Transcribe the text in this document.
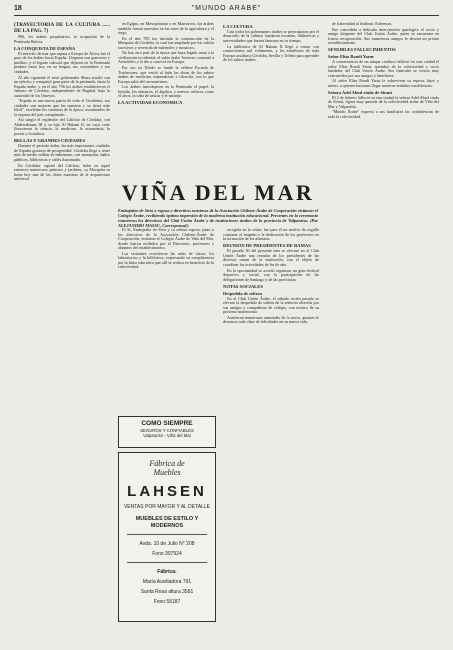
18	"MUNDO ARABE"
(TRAYECTORIA DE LA CULTURA ...... DE LA PAG. 7)

906, los árabes propietarios, la ocupación de la Península Ibérica.

LA CONQUISTA DE ESPAÑA

El estrecho de mar que separa a Europa de África fue el paso de los árabes hacia España. Llegaron con guerreros y pueblos, y el legado cultural que dejaron en la Península perdura hasta hoy en su lengua, sus costumbres y sus ciudades.

Al año siguiente el emir gobernador Muza acudió con un ejército y conquistó gran parte de la península, hasta la España árabe, y en el año 756 los árabes establecieron el emirato de Córdoba, independiente de Bagdad, bajo la autoridad de los Omeyas.

"España es una nueva patria de todo el Occidente, sus ciudades son mejores que las nuestras y su tierra más fértil", escribían los cronistas de la época, asombrados de la riqueza del país conquistado.

Así surgió el esplendor del Califato de Córdoba, con Abderrahman III y su hijo Al Hakam II, en cuya corte florecieron la ciencia, la medicina, la astronomía, la poesía y la música.

BELLAS Y GRANDES CIUDADES

Durante el periodo árabe, las más importantes ciudades de España gozaron de prosperidad. Córdoba llegó a tener más de medio millón de habitantes, con mezquitas, baños públicos, bibliotecas y calles iluminadas.

En Córdoba, capital del Califato, hubo en aquel entonces numerosos palacios y jardines; su Mezquita es hasta hoy una de las obras maestras de la arquitectura universal.

en Egipto, en Mesopotamia y en Marruecos; los árabes también fueron maestros en las artes de la agricultura y el riego.

En el año 785 fue iniciada la construcción de la Mezquita de Córdoba, la cual fue ampliada por los califas sucesivos y revestida de mármoles y mosaicos.

No hay otro país de la época que haya legado tanto a la civilización occidental; el sabio árabe Averroes comentó a Aristóteles y lo dio a conocer en Europa.

Por eso en Toledo se fundó la célebre Escuela de Traductores, que vertió al latín las obras de los sabios árabes de medicina, matemáticas y filosofía, con lo que Europa salió del oscurantismo.

Los árabes introdujeron en la Península el papel, la brújula, los números, el álgebra, y nuevos cultivos como el arroz, la caña de azúcar y el naranjo.

LA ACTIVIDAD ECONOMICA
LA CULTURA

Casi todos los gobernantes árabes se preocuparon por el desarrollo de la cultura; fundaron escuelas, bibliotecas y universidades que fueron famosas en su tiempo.

La biblioteca de Al Hakam II llegó a contar con cuatrocientos mil volúmenes, y los estudiosos de toda Europa acudían a Córdoba, Sevilla y Toledo para aprender de los sabios árabes.

VIÑA DEL MAR
Embajador de Siria y esposa y directivos máximos de la Asociación Chileno-Árabe de Cooperación visitaron el Colegio Árabe, recibiendo óptima impresión de la moderna institución educacional. Presentes en la ceremonia estuvieron los directivos del Club Unión Árabe y de instituciones árabes de la provincia de Valparaíso. (Por ALEJANDRO MASSU, Corresponsal).

El Sr. Embajador de Siria y su señora esposa, junto a los directivos de la Asociación Chileno-Árabe de Cooperación, visitaron el Colegio Árabe de Viña del Mar, donde fueron recibidos por el Directorio, profesores y alumnos del establecimiento.

Los visitantes recorrieron las salas de clases, los laboratorios y la biblioteca, expresando su complacencia por la labor educativa que allí se realiza en beneficio de la colectividad.

recogida en la visita, fue para él un motivo de orgullo constatar el empeño y la dedicación de los profesores en la formación de los alumnos.

REUNION DE PRESIDENTES DE RAMAS

El pasado 30 del presente mes se efectuó en el Club Unión Árabe una reunión de los presidentes de las diversas ramas de la institución, con el objeto de coordinar las actividades de fin de año.

En la oportunidad se acordó organizar un gran festival deportivo y social, con la participación de las delegaciones de Santiago y de las provincias.

NOTAS SOCIALES
Despedida de soltera

En el Club Unión Árabe, el sábado recién pasado se efectuó la despedida de soltera de la señorita ofrecida por sus amigas y compañeras de colegio, con motivo de su próximo matrimonio.

Asistieron numerosas amistades de la novia, quienes le desearon toda clase de felicidades en su nueva vida.

de fraternidad al finalizar. Enfermos.

Fue concedida a delicada intervención quirúrgica el socio y amigo dirigente del Club Unión Árabe, quien se encuentra en franca recuperación. Sus numerosos amigos le desean un pronto restablecimiento.

SENSIBLES FALLECIMIENTOS
Señor Elías Roudi Yarur

A consecuencia de un ataque cardíaco falleció en esta ciudad el señor Elías Roudi Yarur, miembro de la colectividad y socio fundador del Club Unión Árabe. Sus funerales se vieron muy concurridos por sus amigos y familiares.

Al señor Elías Roudi Yarur le sobreviven su esposa, hijos y nietos, a quienes hacemos llegar nuestras sentidas condolencias.

Señora Adel Abud viuda de Siraní

El 2 de febrero falleció en esta ciudad la señora Adel Abud viuda de Siraní, figura muy querida de la colectividad árabe de Viña del Mar y Valparaíso.

"Mundo Árabe" expresa a sus familiares las condolencias de toda la colectividad.

COMO SIEMPRE
SEGUROS Y CONFIABLES
Valparaíso - Viña del Mar
Fábrica de
Muebles
LAHSEN
VENTAS POR MAYOR Y AL DETALLE
MUEBLES DE ESTILO Y MODERNOS
Avda. 10 de Julio N° 208
Fono 397924
Fábrica:
María Auxiliadora 791
Santa Rosa altura 3581
Fono 55187
